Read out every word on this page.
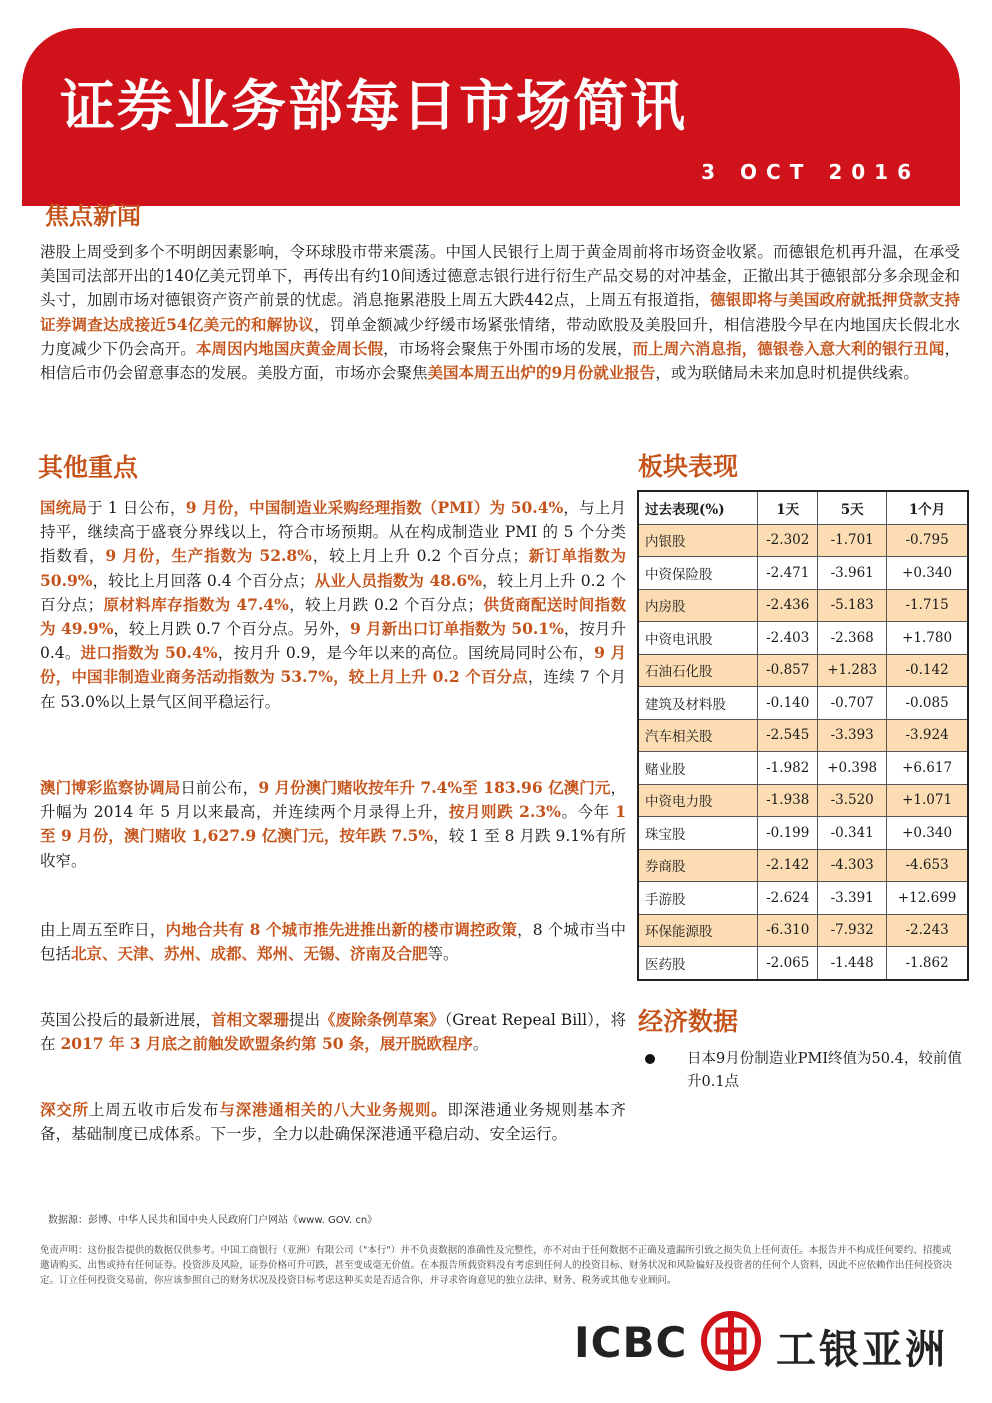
证券业务部每日市场简讯
3 OCT 2016
焦点新闻
港股上周受到多个不明朗因素影响，令环球股市带来震荡。中国人民银行上周于黄金周前将市场资金收紧。而德银危机再升温，在承受美国司法部开出的140亿美元罚单下，再传出有约10间透过德意志银行进行衍生产品交易的对冲基金，正撤出其于德银部分多余现金和头寸，加剧市场对德银资产资产前景的忧虑。消息拖累港股上周五大跌442点，上周五有报道指，德银即将与美国政府就抵押贷款支持证券调查达成接近54亿美元的和解协议，罚单金额减少纾缓市场紧张情绪，带动欧股及美股回升，相信港股今早在内地国庆长假北水力度减少下仍会高开。本周因内地国庆黄金周长假，市场将会聚焦于外围市场的发展，而上周六消息指，德银卷入意大利的银行丑闻，相信后市仍会留意事态的发展。美股方面，市场亦会聚焦美国本周五出炉的9月份就业报告，或为联储局未来加息时机提供线索。
其他重点
国统局于 1 日公布，9 月份，中国制造业采购经理指数（PMI）为 50.4%，与上月持平，继续高于盛衰分界线以上，符合市场预期。从在构成制造业 PMI 的 5 个分类指数看，9 月份，生产指数为 52.8%，较上月上升 0.2 个百分点；新订单指数为 50.9%，较比上月回落 0.4 个百分点；从业人员指数为 48.6%，较上月上升 0.2 个百分点；原材料库存指数为 47.4%，较上月跌 0.2 个百分点；供货商配送时间指数为 49.9%，较上月跌 0.7 个百分点。另外，9 月新出口订单指数为 50.1%，按月升 0.4。进口指数为 50.4%，按月升 0.9，是今年以来的高位。国统局同时公布，9 月份，中国非制造业商务活动指数为 53.7%，较上月上升 0.2 个百分点，连续 7 个月在 53.0%以上景气区间平稳运行。
澳门博彩监察协调局日前公布，9 月份澳门赌收按年升 7.4%至 183.96 亿澳门元，升幅为 2014 年 5 月以来最高，并连续两个月录得上升，按月则跌 2.3%。今年 1 至 9 月份，澳门赌收 1,627.9 亿澳门元，按年跌 7.5%，较 1 至 8 月跌 9.1%有所收窄。
由上周五至昨日，内地合共有 8 个城市推先进推出新的楼市调控政策，8 个城市当中包括北京、天津、苏州、成都、郑州、无锡、济南及合肥等。
英国公投后的最新进展，首相文翠珊提出《废除条例草案》（Great Repeal Bill），将在 2017 年 3 月底之前触发欧盟条约第 50 条，展开脱欧程序。
深交所上周五收市后发布与深港通相关的八大业务规则。即深港通业务规则基本齐备，基础制度已成体系。下一步，全力以赴确保深港通平稳启动、安全运行。
板块表现
过去表现(%)	1天	5天	1个月
内银股	-2.302	-1.701	-0.795
中资保险股	-2.471	-3.961	+0.340
内房股	-2.436	-5.183	-1.715
中资电讯股	-2.403	-2.368	+1.780
石油石化股	-0.857	+1.283	-0.142
建筑及材料股	-0.140	-0.707	-0.085
汽车相关股	-2.545	-3.393	-3.924
赌业股	-1.982	+0.398	+6.617
中资电力股	-1.938	-3.520	+1.071
珠宝股	-0.199	-0.341	+0.340
券商股	-2.142	-4.303	-4.653
手游股	-2.624	-3.391	+12.699
环保能源股	-6.310	-7.932	-2.243
医药股	-2.065	-1.448	-1.862
经济数据
日本9月份制造业PMI终值为50.4，较前值升0.1点
数据源：彭博、中华人民共和国中央人民政府门户网站《www. GOV. cn》
免责声明：这份报告提供的数据仅供参考。中国工商银行（亚洲）有限公司（"本行"）并不负责数据的准确性及完整性，亦不对由于任何数据不正确及遗漏所引致之损失负上任何责任。本报告并不构成任何要约、招揽或邀请购买、出售或持有任何证券。投资涉及风险，证券价格可升可跌，甚至变成毫无价值。在本报告所载资料没有考虑到任何人的投资目标、财务状况和风险偏好及投资者的任何个人资料，因此不应依赖作出任何投资决定。订立任何投资交易前，你应该参照自己的财务状况及投资目标考虑这种买卖是否适合你，并寻求咨询意见的独立法律、财务、税务或其他专业顾问。
ICBC 工银亚洲
